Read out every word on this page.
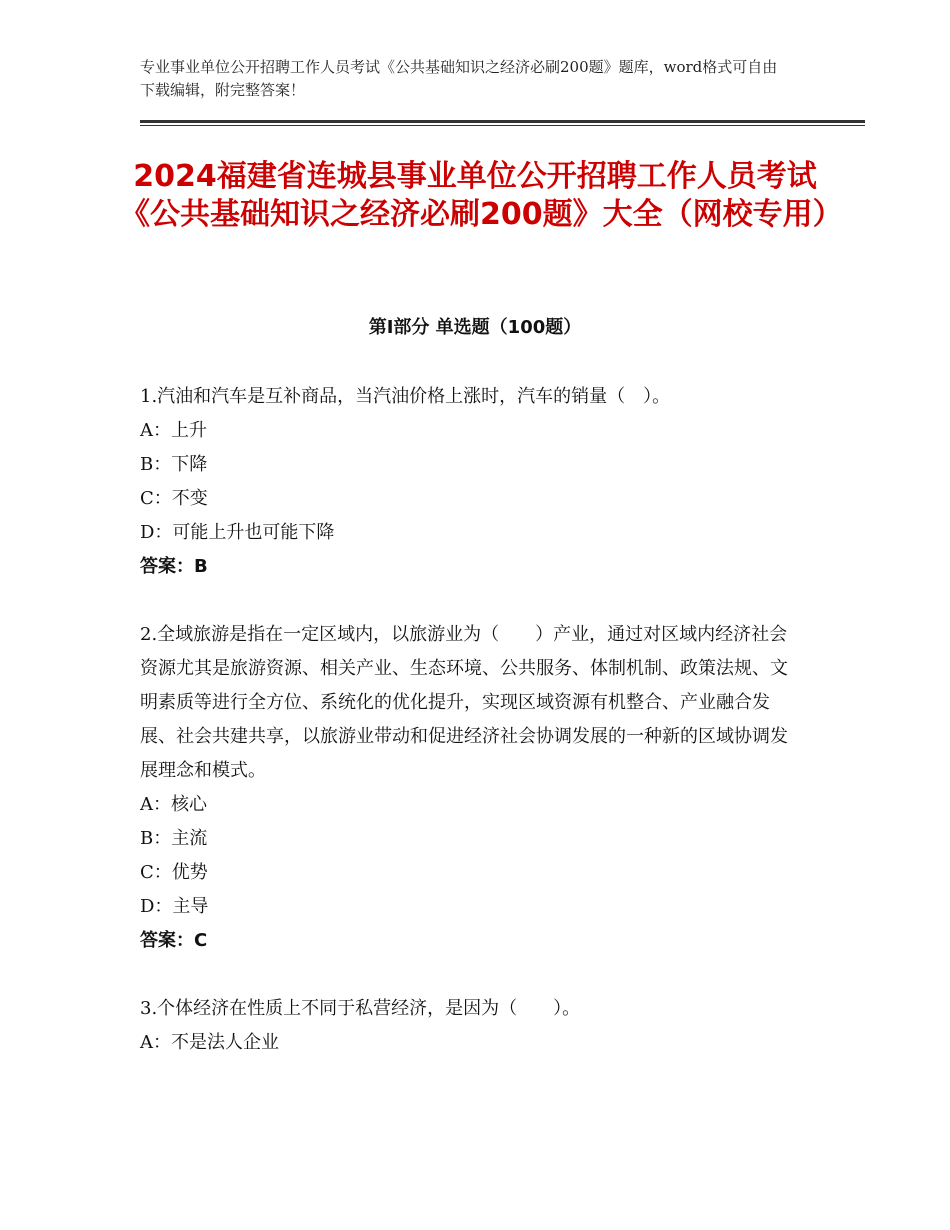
专业事业单位公开招聘工作人员考试《公共基础知识之经济必刷200题》题库，word格式可自由下载编辑，附完整答案！
2024福建省连城县事业单位公开招聘工作人员考试《公共基础知识之经济必刷200题》大全（网校专用）
第Ⅰ部分 单选题（100题）
1.汽油和汽车是互补商品，当汽油价格上涨时，汽车的销量（　）。
A：上升
B：下降
C：不变
D：可能上升也可能下降
答案：B
2.全域旅游是指在一定区域内，以旅游业为（　　）产业，通过对区域内经济社会资源尤其是旅游资源、相关产业、生态环境、公共服务、体制机制、政策法规、文明素质等进行全方位、系统化的优化提升，实现区域资源有机整合、产业融合发展、社会共建共享，以旅游业带动和促进经济社会协调发展的一种新的区域协调发展理念和模式。
A：核心
B：主流
C：优势
D：主导
答案：C
3.个体经济在性质上不同于私营经济，是因为（　　）。
A：不是法人企业
